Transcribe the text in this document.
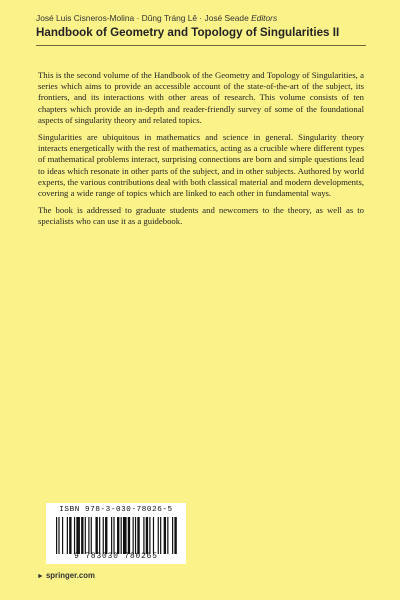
José Luis Cisneros-Molina · Dũng Tráng Lê · José Seade Editors
Handbook of Geometry and Topology of Singularities II

This is the second volume of the Handbook of the Geometry and Topology of Singularities, a series which aims to provide an accessible account of the state-of-the-art of the subject, its frontiers, and its interactions with other areas of research. This volume consists of ten chapters which provide an in-depth and reader-friendly survey of some of the foundational aspects of singularity theory and related topics.

Singularities are ubiquitous in mathematics and science in general. Singularity theory interacts energetically with the rest of mathematics, acting as a crucible where different types of mathematical problems interact, surprising connections are born and simple questions lead to ideas which resonate in other parts of the subject, and in other subjects. Authored by world experts, the various contributions deal with both classical material and modern developments, covering a wide range of topics which are linked to each other in fundamental ways.

The book is addressed to graduate students and newcomers to the theory, as well as to specialists who can use it as a guidebook.

ISBN 978-3-030-78026-5
9 783030 780265
► springer.com
